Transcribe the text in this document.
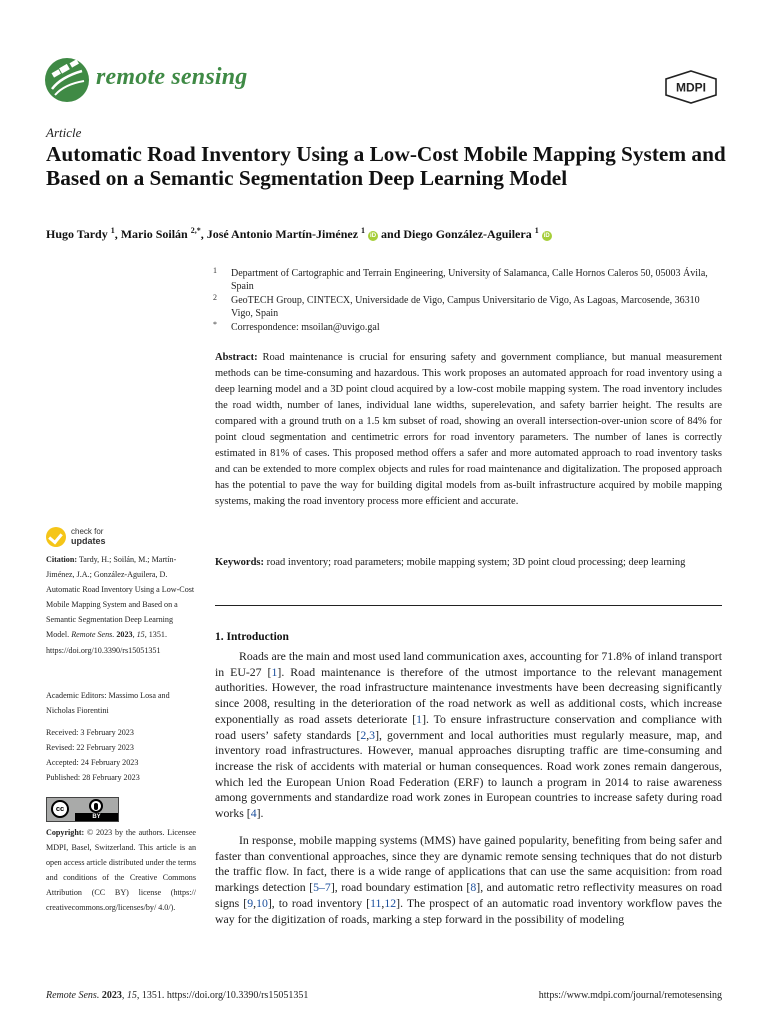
remote sensing	MDPI
Article
Automatic Road Inventory Using a Low-Cost Mobile Mapping System and Based on a Semantic Segmentation Deep Learning Model
Hugo Tardy $^1$, Mario Soilán $^{2,*}$, José Antonio Martín-Jiménez $^1$ iD and Diego González-Aguilera $^1$ iD
1 Department of Cartographic and Terrain Engineering, University of Salamanca, Calle Hornos Caleros 50, 05003 Ávila, Spain
2 GeoTECH Group, CINTECX, Universidade de Vigo, Campus Universitario de Vigo, As Lagoas, Marcosende, 36310 Vigo, Spain
* Correspondence: msoilan@uvigo.gal
Abstract: Road maintenance is crucial for ensuring safety and government compliance, but manual measurement methods can be time-consuming and hazardous. This work proposes an automated approach for road inventory using a deep learning model and a 3D point cloud acquired by a low-cost mobile mapping system. The road inventory includes the road width, number of lanes, individual lane widths, superelevation, and safety barrier height. The results are compared with a ground truth on a 1.5 km subset of road, showing an overall intersection-over-union score of 84% for point cloud segmentation and centimetric errors for road inventory parameters. The number of lanes is correctly estimated in 81% of cases. This proposed method offers a safer and more automated approach to road inventory tasks and can be extended to more complex objects and rules for road maintenance and digitalization. The proposed approach has the potential to pave the way for building digital models from as-built infrastructure acquired by mobile mapping systems, making the road inventory process more efficient and accurate.
Keywords: road inventory; road parameters; mobile mapping system; 3D point cloud processing; deep learning
1. Introduction
Roads are the main and most used land communication axes, accounting for 71.8% of inland transport in EU-27 [1]. Road maintenance is therefore of the utmost importance to the relevant management authorities. However, the road infrastructure maintenance investments have been decreasing significantly since 2008, resulting in the deterioration of the road network as well as additional costs, which increase exponentially as road assets deteriorate [1]. To ensure infrastructure conservation and compliance with road users’ safety standards [2,3], government and local authorities must regularly measure, map, and inventory road infrastructures. However, manual approaches disrupting traffic are time-consuming and increase the risk of accidents with material or human consequences. Road work zones remain dangerous, which led the European Union Road Federation (ERF) to launch a program in 2014 to raise awareness among governments and standardize road work zones in European countries to increase safety during road works [4].
In response, mobile mapping systems (MMS) have gained popularity, benefiting from being safer and faster than conventional approaches, since they are dynamic remote sensing techniques that do not disturb the traffic flow. In fact, there is a wide range of applications that can use the same acquisition: from road markings detection [5–7], road boundary estimation [8], and automatic retro reflectivity measures on road signs [9,10], to road inventory [11,12]. The prospect of an automatic road inventory workflow paves the way for the digitization of roads, marking a step forward in the possibility of modeling
check for
updates
Citation: Tardy, H.; Soilán, M.; Martín-Jiménez, J.A.; González-Aguilera, D. Automatic Road Inventory Using a Low-Cost Mobile Mapping System and Based on a Semantic Segmentation Deep Learning Model. Remote Sens. 2023, 15, 1351. https://doi.org/10.3390/rs15051351
Academic Editors: Massimo Losa and Nicholas Fiorentini
Received: 3 February 2023
Revised: 22 February 2023
Accepted: 24 February 2023
Published: 28 February 2023
cc
BY
Copyright: © 2023 by the authors. Licensee MDPI, Basel, Switzerland. This article is an open access article distributed under the terms and conditions of the Creative Commons Attribution (CC BY) license (https:// creativecommons.org/licenses/by/ 4.0/).
Remote Sens. 2023, 15, 1351. https://doi.org/10.3390/rs15051351	https://www.mdpi.com/journal/remotesensing
